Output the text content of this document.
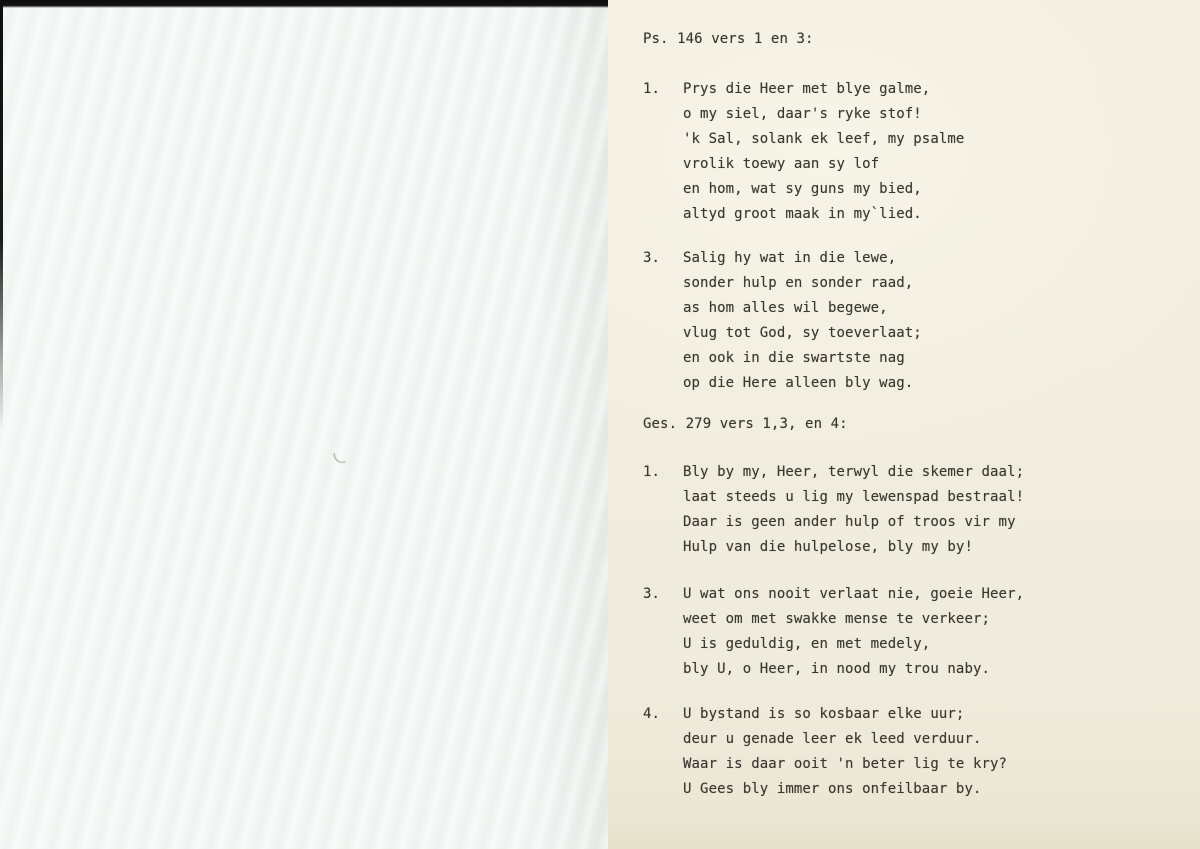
Ps. 146 vers 1 en 3:
1.	Prys die Heer met blye galme,
o my siel, daar's ryke stof!
'k Sal, solank ek leef, my psalme
vrolik toewy aan sy lof
en hom, wat sy guns my bied,
altyd groot maak in my`lied.
3.	Salig hy wat in die lewe,
sonder hulp en sonder raad,
as hom alles wil begewe,
vlug tot God, sy toeverlaat;
en ook in die swartste nag
op die Here alleen bly wag.
Ges. 279 vers 1,3, en 4:
1.	Bly by my, Heer, terwyl die skemer daal;
laat steeds u lig my lewenspad bestraal!
Daar is geen ander hulp of troos vir my
Hulp van die hulpelose, bly my by!
3.	U wat ons nooit verlaat nie, goeie Heer,
weet om met swakke mense te verkeer;
U is geduldig, en met medely,
bly U, o Heer, in nood my trou naby.
4.	U bystand is so kosbaar elke uur;
deur u genade leer ek leed verduur.
Waar is daar ooit 'n beter lig te kry?
U Gees bly immer ons onfeilbaar by.
